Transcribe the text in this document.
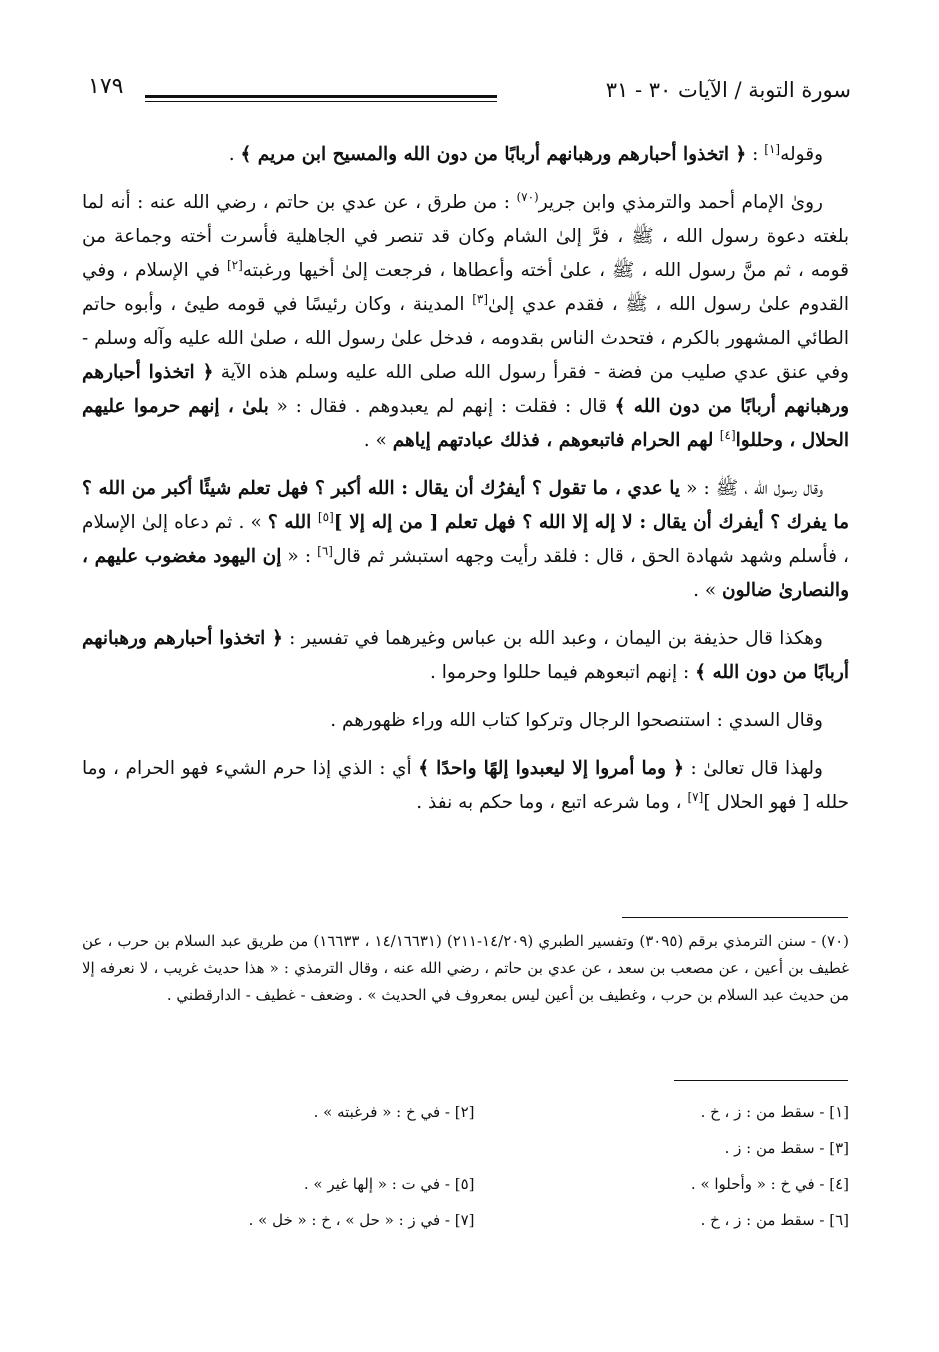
١٧٩	سورة التوبة / الآيات ٣٠ - ٣١

وقوله[١] : ﴿ اتخذوا أحبارهم ورهبانهم أربابًا من دون الله والمسيح ابن مريم ﴾ .

روىٰ الإمام أحمد والترمذي وابن جرير$^{(٧٠)}$ : من طرق ، عن عدي بن حاتم ، رضي الله عنه : أنه لما بلغته دعوة رسول الله ، ﷺ ، فرَّ إلىٰ الشام وكان قد تنصر في الجاهلية فأسرت أخته وجماعة من قومه ، ثم منَّ رسول الله ، ﷺ ، علىٰ أخته وأعطاها ، فرجعت إلىٰ أخيها ورغبته[٢] في الإسلام ، وفي القدوم علىٰ رسول الله ، ﷺ ، فقدم عدي إلىٰ[٣] المدينة ، وكان رئيسًا في قومه طيئ ، وأبوه حاتم الطائي المشهور بالكرم ، فتحدث الناس بقدومه ، فدخل علىٰ رسول الله ، صلىٰ الله عليه وآله وسلم - وفي عنق عدي صليب من فضة - فقرأ رسول الله صلى الله عليه وسلم هذه الآية ﴿ اتخذوا أحبارهم ورهبانهم أربابًا من دون الله ﴾ قال : فقلت : إنهم لم يعبدوهم . فقال : « بلىٰ ، إنهم حرموا عليهم الحلال ، وحللوا[٤] لهم الحرام فاتبعوهم ، فذلك عبادتهم إياهم » .

وقال رسول الله ، ﷺ : « يا عدي ، ما تقول ؟ أيفرُك أن يقال : الله أكبر ؟ فهل تعلم شيئًا أكبر من الله ؟ ما يفرك ؟ أيفرك أن يقال : لا إله إلا الله ؟ فهل تعلم [ من إله إلا ][٥] الله ؟ » . ثم دعاه إلىٰ الإسلام ، فأسلم وشهد شهادة الحق ، قال : فلقد رأيت وجهه استبشر ثم قال[٦] : « إن اليهود مغضوب عليهم ، والنصارىٰ ضالون » .

وهكذا قال حذيفة بن اليمان ، وعبد الله بن عباس وغيرهما في تفسير : ﴿ اتخذوا أحبارهم ورهبانهم أربابًا من دون الله ﴾ : إنهم اتبعوهم فيما حللوا وحرموا .

وقال السدي : استنصحوا الرجال وتركوا كتاب الله وراء ظهورهم .

ولهذا قال تعالىٰ : ﴿ وما أمروا إلا ليعبدوا إلهًا واحدًا ﴾ أي : الذي إذا حرم الشيء فهو الحرام ، وما حلله [ فهو الحلال ][٧] ، وما شرعه اتبع ، وما حكم به نفذ .

(٧٠) - سنن الترمذي برقم (٣٠٩٥) وتفسير الطبري (١٤/٢٠٩-٢١١) (١٤/١٦٦٣١ ، ١٦٦٣٣) من طريق عبد السلام بن حرب ، عن غطيف بن أعين ، عن مصعب بن سعد ، عن عدي بن حاتم ، رضي الله عنه ، وقال الترمذي : « هذا حديث غريب ، لا نعرفه إلا من حديث عبد السلام بن حرب ، وغطيف بن أعين ليس بمعروف في الحديث » . وضعف - غطيف - الدارقطني .
[١] - سقط من : ز ، خ .
[٢] - في خ : « فرغبته » .
[٣] - سقط من : ز .
[٤] - في خ : « وأحلوا » .
[٥] - في ت : « إلها غير » .
[٦] - سقط من : ز ، خ .
[٧] - في ز : « حل » ، خ : « خل » .
